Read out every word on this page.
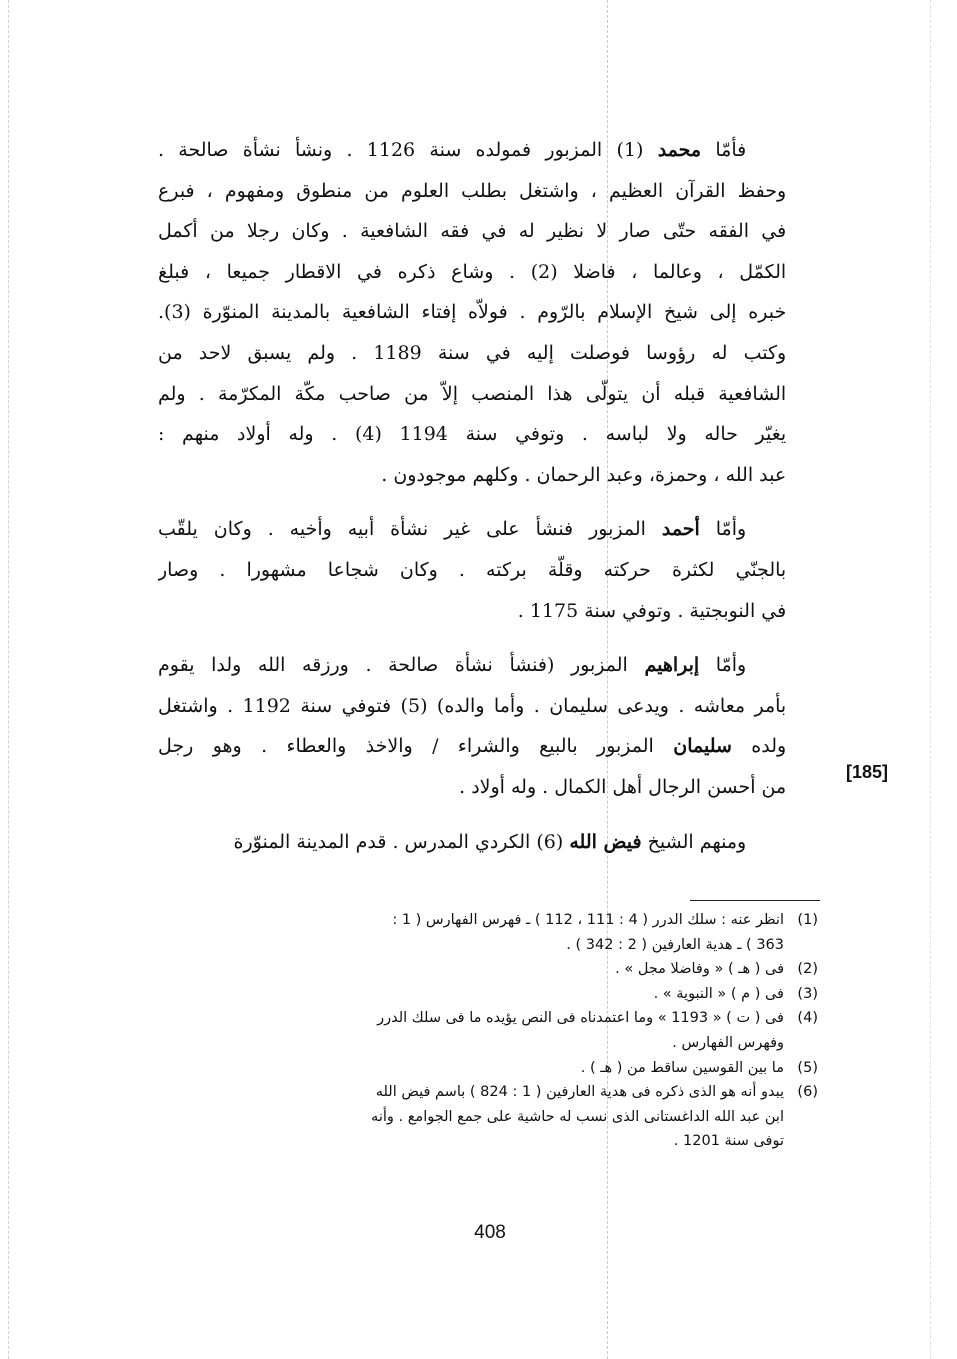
فأمّا محمد (1) المزبور فمولده سنة 1126 . ونشأ نشأة صالحة .
وحفظ القرآن العظيم ، واشتغل بطلب العلوم من منطوق ومفهوم ، فبرع
في الفقه حتّى صار لا نظير له في فقه الشافعية . وكان رجلا من أكمل
الكمّل ، وعالما ، فاضلا (2) . وشاع ذكره في الاقطار جميعا ، فبلغ
خبره إلى شيخ الإسلام بالرّوم . فولاّه إفتاء الشافعية بالمدينة المنوّرة (3).
وكتب له رؤوسا فوصلت إليه في سنة 1189 . ولم يسبق لاحد من
الشافعية قبله أن يتولّى هذا المنصب إلاّ من صاحب مكّة المكرّمة . ولم
يغيّر حاله ولا لباسه . وتوفي سنة 1194 (4) . وله أولاد منهم :
عبد الله ، وحمزة، وعبد الرحمان . وكلهم موجودون .
وأمّا أحمد المزبور فنشأ على غير نشأة أبيه وأخيه . وكان يلقّب
بالجنّي لكثرة حركته وقلّة بركته . وكان شجاعا مشهورا . وصار
في النوبجتية . وتوفي سنة 1175 .
وأمّا إبراهيم المزبور (فنشأ نشأة صالحة . ورزقه الله ولدا يقوم
بأمر معاشه . ويدعى سليمان . وأما والده) (5) فتوفي سنة 1192 . واشتغل
ولده سليمان المزبور بالبيع والشراء / والاخذ والعطاء . وهو رجل
من أحسن الرجال أهل الكمال . وله أولاد .
ومنهم الشيخ فيض الله (6) الكردي المدرس . قدم المدينة المنوّرة
[185]
(1)
انظر عنه : سلك الدرر ( 4 : 111 ، 112 ) ـ فهرس الفهارس ( 1 :
363 ) ـ هدية العارفين ( 2 : 342 ) .
(2)
فى ( هـ ) « وفاضلا مجل » .
(3)
فى ( م ) « النبوية » .
(4)
فى ( ت ) « 1193 » وما اعتمدناه فى النص يؤيده ما فى سلك الدرر
وفهرس الفهارس .
(5)
ما بين القوسين ساقط من ( هـ ) .
(6)
يبدو أنه هو الذى ذكره فى هدية العارفين ( 1 : 824 ) باسم فيض الله
ابن عبد الله الداغستانى الذى نسب له حاشية على جمع الجوامع . وأنه
توفى سنة 1201 .
408
